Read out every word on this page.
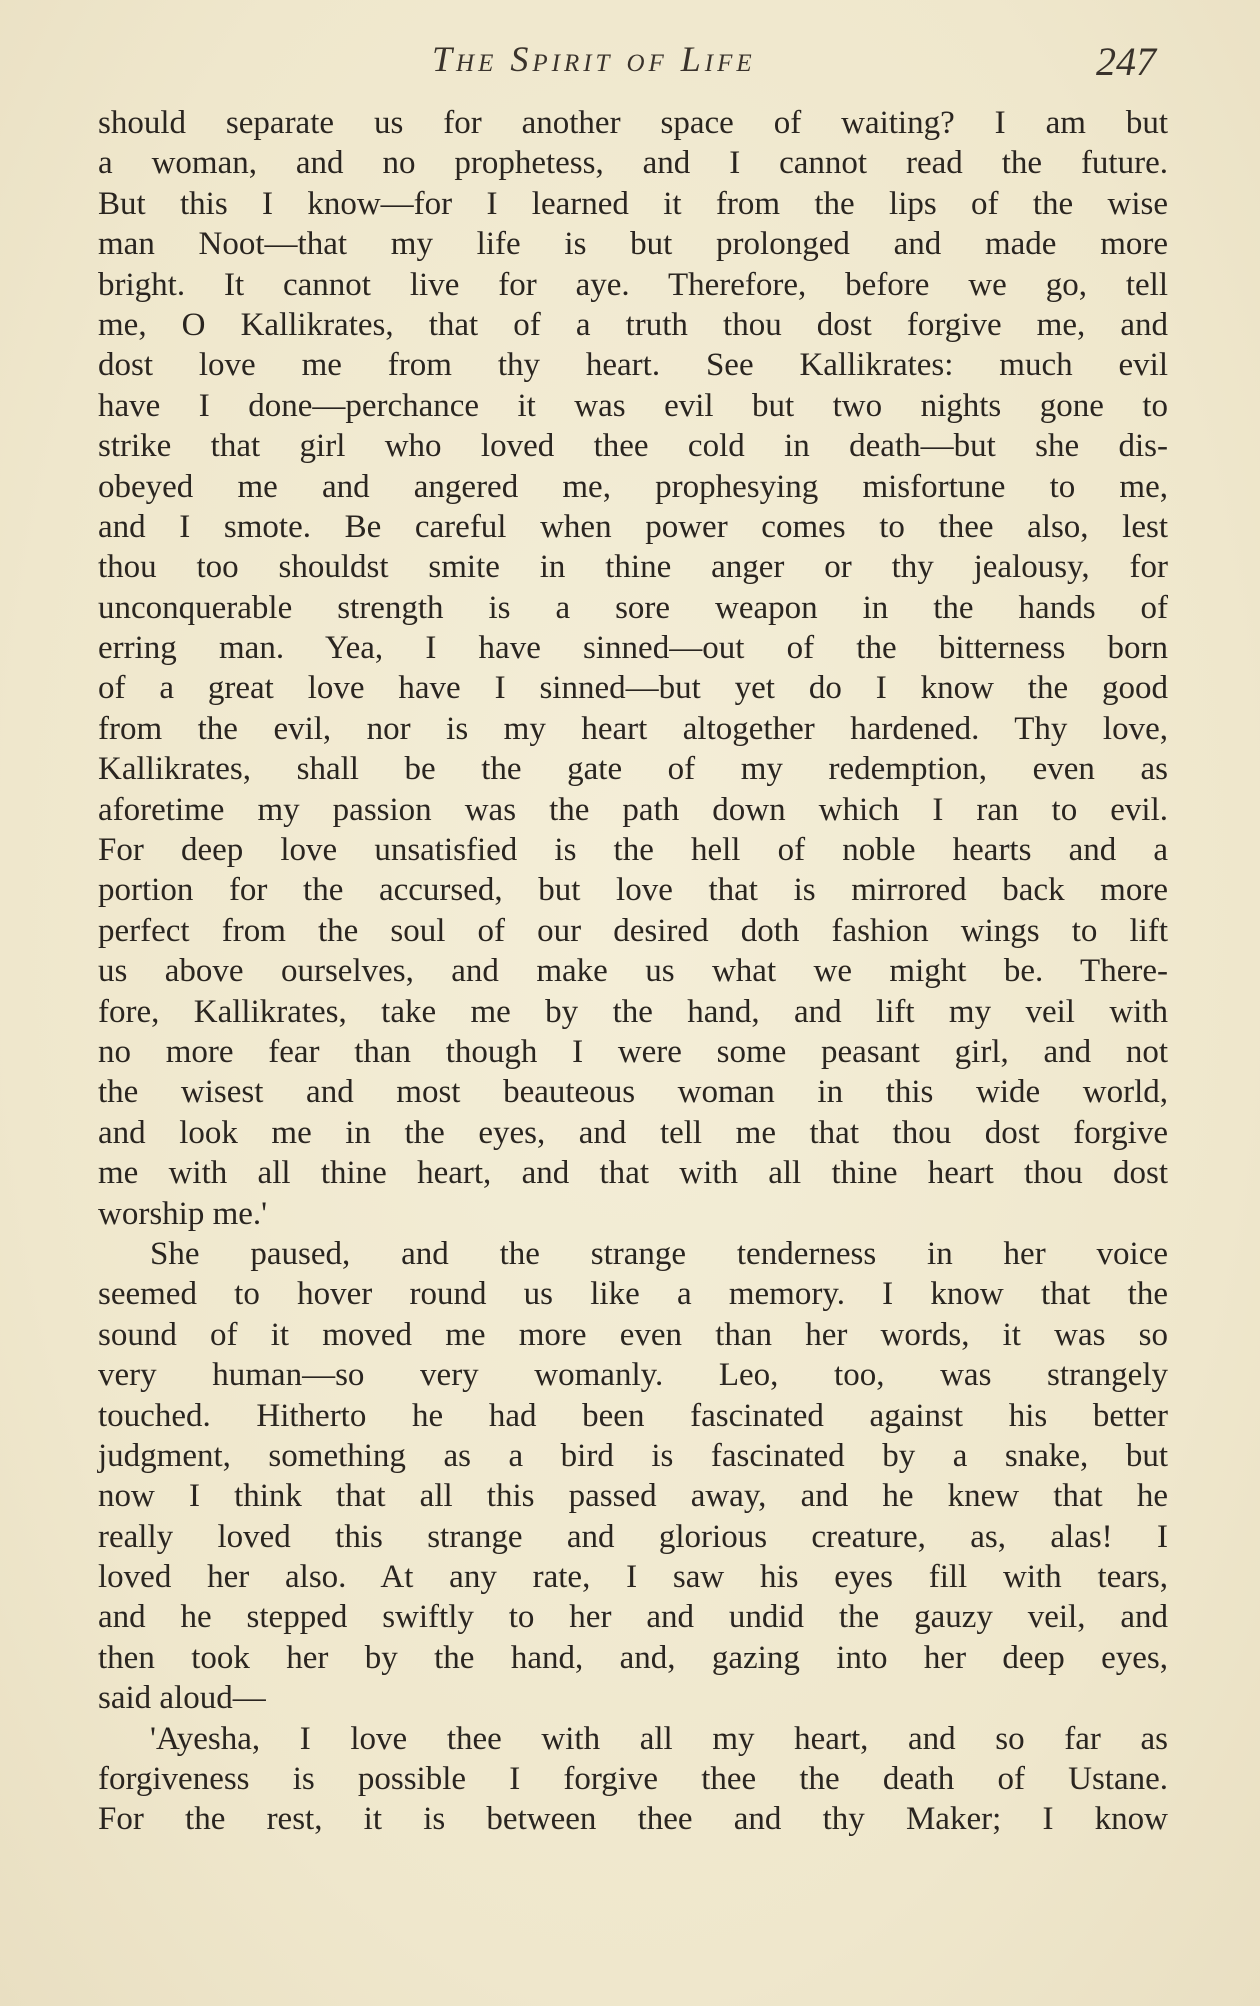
The Spirit of Life	247
should separate us for another space of waiting? I am but
a woman, and no prophetess, and I cannot read the future.
But this I know—for I learned it from the lips of the wise
man Noot—that my life is but prolonged and made more
bright. It cannot live for aye. Therefore, before we go, tell
me, O Kallikrates, that of a truth thou dost forgive me, and
dost love me from thy heart. See Kallikrates: much evil
have I done—perchance it was evil but two nights gone to
strike that girl who loved thee cold in death—but she dis-
obeyed me and angered me, prophesying misfortune to me,
and I smote. Be careful when power comes to thee also, lest
thou too shouldst smite in thine anger or thy jealousy, for
unconquerable strength is a sore weapon in the hands of
erring man. Yea, I have sinned—out of the bitterness born
of a great love have I sinned—but yet do I know the good
from the evil, nor is my heart altogether hardened. Thy love,
Kallikrates, shall be the gate of my redemption, even as
aforetime my passion was the path down which I ran to evil.
For deep love unsatisfied is the hell of noble hearts and a
portion for the accursed, but love that is mirrored back more
perfect from the soul of our desired doth fashion wings to lift
us above ourselves, and make us what we might be. There-
fore, Kallikrates, take me by the hand, and lift my veil with
no more fear than though I were some peasant girl, and not
the wisest and most beauteous woman in this wide world,
and look me in the eyes, and tell me that thou dost forgive
me with all thine heart, and that with all thine heart thou dost
worship me.'
She paused, and the strange tenderness in her voice
seemed to hover round us like a memory. I know that the
sound of it moved me more even than her words, it was so
very human—so very womanly. Leo, too, was strangely
touched. Hitherto he had been fascinated against his better
judgment, something as a bird is fascinated by a snake, but
now I think that all this passed away, and he knew that he
really loved this strange and glorious creature, as, alas! I
loved her also. At any rate, I saw his eyes fill with tears,
and he stepped swiftly to her and undid the gauzy veil, and
then took her by the hand, and, gazing into her deep eyes,
said aloud—
'Ayesha, I love thee with all my heart, and so far as
forgiveness is possible I forgive thee the death of Ustane.
For the rest, it is between thee and thy Maker; I know
